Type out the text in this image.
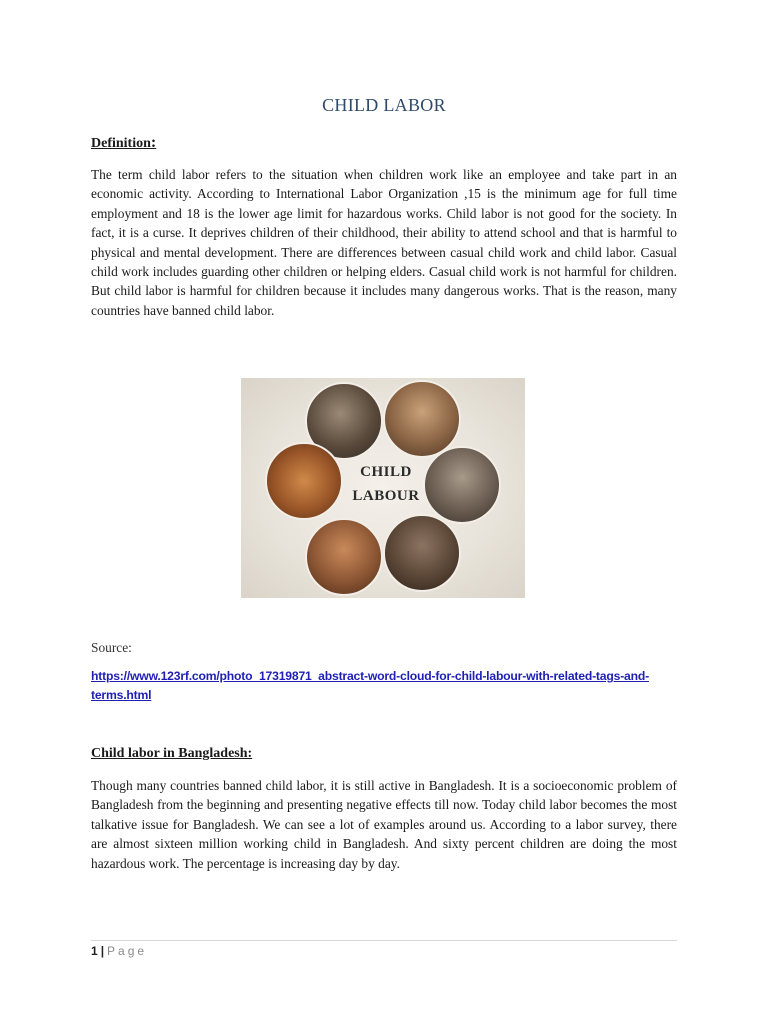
CHILD LABOR
Definition:
The term child labor refers to the situation when children work like an employee and take part in an economic activity. According to International Labor Organization ,15 is the minimum age for full time employment and 18 is the lower age limit for hazardous works. Child labor is not good for the society. In fact, it is a curse. It deprives children of their childhood, their ability to attend school and that is harmful to physical and mental development. There are differences between casual child work and child labor. Casual child work includes guarding other children or helping elders. Casual child work is not harmful for children. But child labor is harmful for children because it includes many dangerous works. That is the reason, many countries have banned child labor.
CHILD
LABOUR
Source:
https://www.123rf.com/photo_17319871_abstract-word-cloud-for-child-labour-with-related-tags-and-
terms.html
Child labor in Bangladesh:
Though many countries banned child labor, it is still active in Bangladesh. It is a socioeconomic problem of Bangladesh from the beginning and presenting negative effects till now. Today child labor becomes the most talkative issue for Bangladesh. We can see a lot of examples around us. According to a labor survey, there are almost sixteen million working child in Bangladesh. And sixty percent children are doing the most hazardous work. The percentage is increasing day by day.
1 | Page
